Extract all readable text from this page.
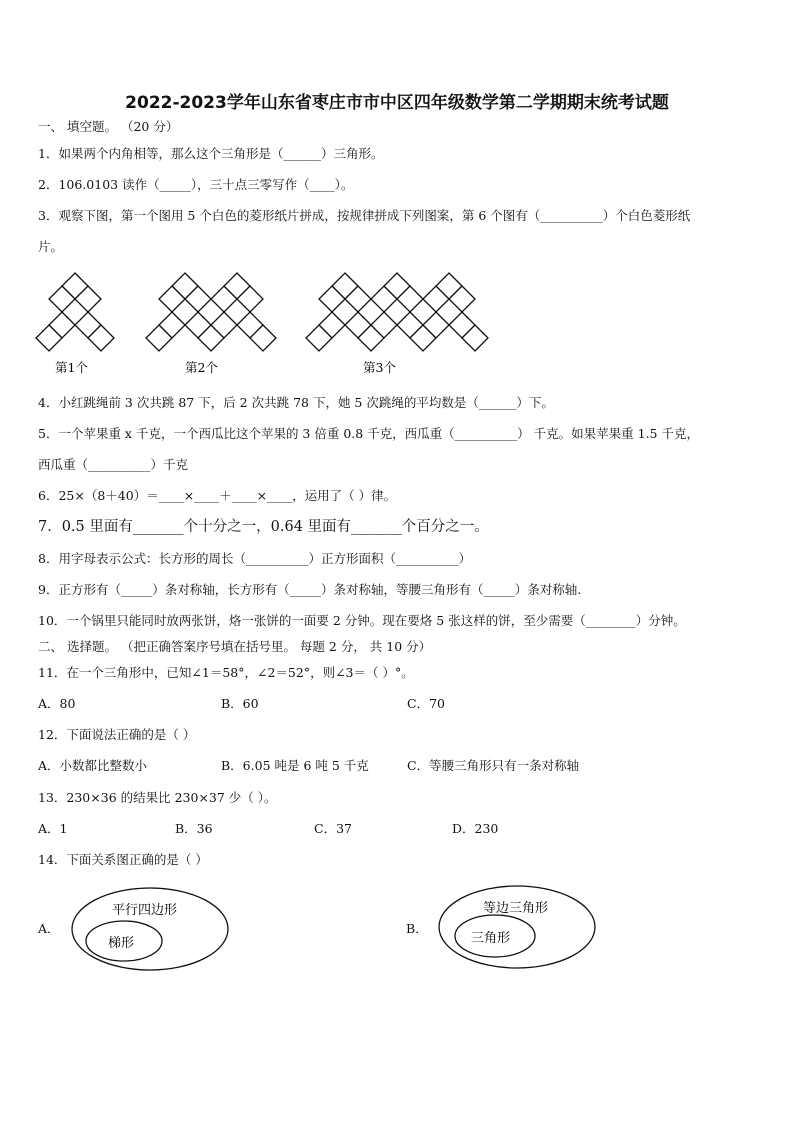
2022-2023学年山东省枣庄市市中区四年级数学第二学期期末统考试题
一、 填空题。 （20 分）
1．如果两个内角相等，那么这个三角形是（______）三角形。
2．106.0103 读作（_____），三十点三零写作（____）。
3．观察下图，第一个图用 5 个白色的菱形纸片拼成，按规律拼成下列图案，第 6 个图有（__________）个白色菱形纸
片。
第1个	第2个	第3个
4．小红跳绳前 3 次共跳 87 下，后 2 次共跳 78 下，她 5 次跳绳的平均数是（______）下。
5．一个苹果重 x 千克，一个西瓜比这个苹果的 3 倍重 0.8 千克，西瓜重（__________） 千克。如果苹果重 1.5 千克，
西瓜重（__________）千克
6．25×（8＋40）＝____×____＋____×____，运用了（ ）律。
7．0.5 里面有_______个十分之一，0.64 里面有_______个百分之一。
8．用字母表示公式：长方形的周长（__________）正方形面积（__________）
9．正方形有（_____）条对称轴，长方形有（_____）条对称轴，等腰三角形有（_____）条对称轴.
10．一个锅里只能同时放两张饼，烙一张饼的一面要 2 分钟。现在要烙 5 张这样的饼，至少需要（________）分钟。
二、 选择题。 （把正确答案序号填在括号里。 每题 2 分， 共 10 分）
11．在一个三角形中，已知∠1＝58°，∠2＝52°，则∠3＝（ ）°。
A．80	B．60	C．70
12．下面说法正确的是（ ）
A．小数都比整数小	B．6.05 吨是 6 吨 5 千克	C．等腰三角形只有一条对称轴
13．230×36 的结果比 230×37 少（ ）。
A．1	B．36	C．37	D．230
14．下面关系图正确的是（ ）
A．
平行四边形
梯形
B．
等边三角形
三角形
